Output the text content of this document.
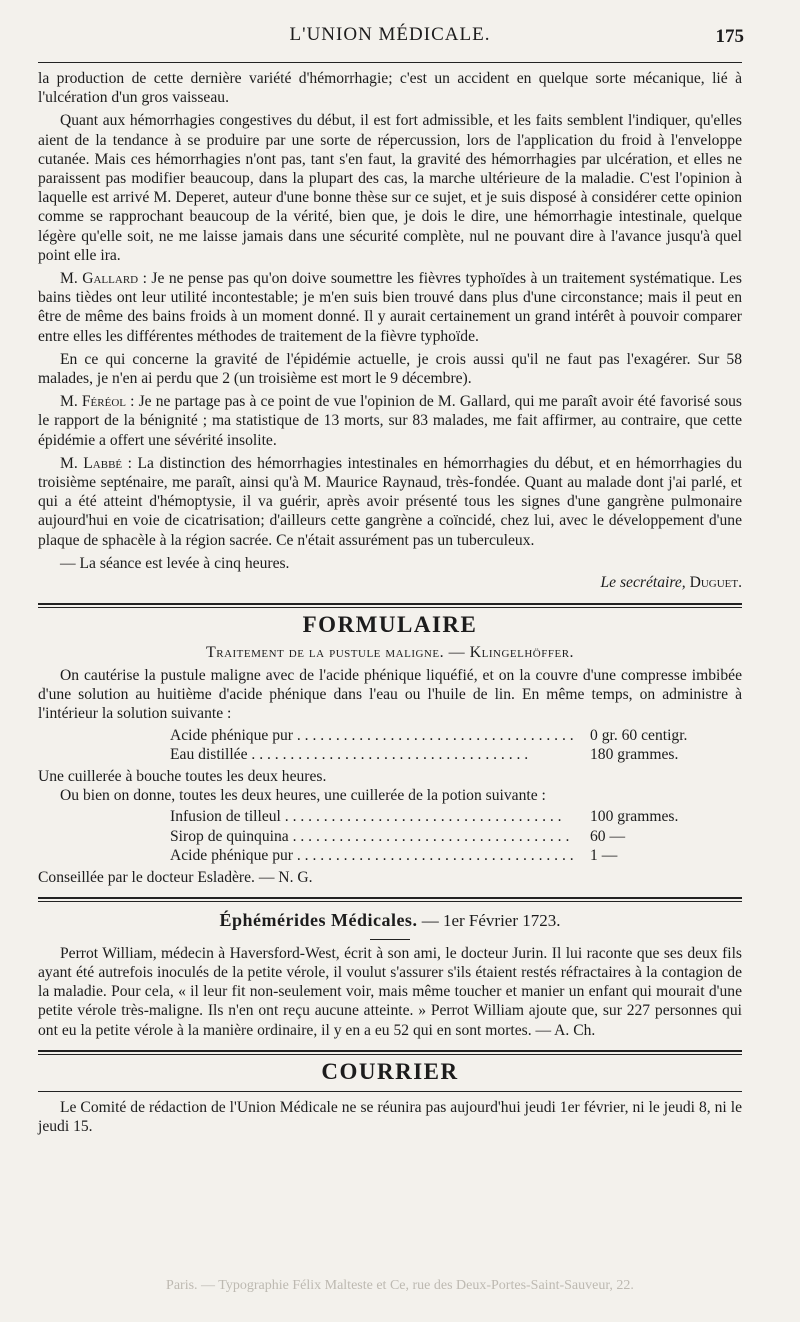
L'UNION MÉDICALE.	175

la production de cette dernière variété d'hémorrhagie; c'est un accident en quelque sorte mécanique, lié à l'ulcération d'un gros vaisseau.

Quant aux hémorrhagies congestives du début, il est fort admissible, et les faits semblent l'indiquer, qu'elles aient de la tendance à se produire par une sorte de répercussion, lors de l'application du froid à l'enveloppe cutanée. Mais ces hémorrhagies n'ont pas, tant s'en faut, la gravité des hémorrhagies par ulcération, et elles ne paraissent pas modifier beaucoup, dans la plupart des cas, la marche ultérieure de la maladie. C'est l'opinion à laquelle est arrivé M. Deperet, auteur d'une bonne thèse sur ce sujet, et je suis disposé à considérer cette opinion comme se rapprochant beaucoup de la vérité, bien que, je dois le dire, une hémorrhagie intestinale, quelque légère qu'elle soit, ne me laisse jamais dans une sécurité complète, nul ne pouvant dire à l'avance jusqu'à quel point elle ira.

M. Gallard : Je ne pense pas qu'on doive soumettre les fièvres typhoïdes à un traitement systématique. Les bains tièdes ont leur utilité incontestable; je m'en suis bien trouvé dans plus d'une circonstance; mais il peut en être de même des bains froids à un moment donné. Il y aurait certainement un grand intérêt à pouvoir comparer entre elles les différentes méthodes de traitement de la fièvre typhoïde.

En ce qui concerne la gravité de l'épidémie actuelle, je crois aussi qu'il ne faut pas l'exagérer. Sur 58 malades, je n'en ai perdu que 2 (un troisième est mort le 9 décembre).

M. Féréol : Je ne partage pas à ce point de vue l'opinion de M. Gallard, qui me paraît avoir été favorisé sous le rapport de la bénignité ; ma statistique de 13 morts, sur 83 malades, me fait affirmer, au contraire, que cette épidémie a offert une sévérité insolite.

M. Labbé : La distinction des hémorrhagies intestinales en hémorrhagies du début, et en hémorrhagies du troisième septénaire, me paraît, ainsi qu'à M. Maurice Raynaud, très-fondée. Quant au malade dont j'ai parlé, et qui a été atteint d'hémoptysie, il va guérir, après avoir présenté tous les signes d'une gangrène pulmonaire aujourd'hui en voie de cicatrisation; d'ailleurs cette gangrène a coïncidé, chez lui, avec le développement d'une plaque de sphacèle à la région sacrée. Ce n'était assurément pas un tuberculeux.

— La séance est levée à cinq heures.

Le secrétaire, Duguet.
FORMULAIRE
Traitement de la pustule maligne. — Klingelhöffer.

On cautérise la pustule maligne avec de l'acide phénique liquéfié, et on la couvre d'une compresse imbibée d'une solution au huitième d'acide phénique dans l'eau ou l'huile de lin. En même temps, on administre à l'intérieur la solution suivante :

Acide phénique pur . . .	0 gr. 60 centigr.
Eau distillée . . .	180 grammes.

Une cuillerée à bouche toutes les deux heures.

Ou bien on donne, toutes les deux heures, une cuillerée de la potion suivante :

Infusion de tilleul . . .	100 grammes.
Sirop de quinquina . . .	60 —
Acide phénique pur . . .	1 —

Conseillée par le docteur Esladère. — N. G.

Éphémérides Médicales. — 1er Février 1723.

Perrot William, médecin à Haversford-West, écrit à son ami, le docteur Jurin. Il lui raconte que ses deux fils ayant été autrefois inoculés de la petite vérole, il voulut s'assurer s'ils étaient restés réfractaires à la contagion de la maladie. Pour cela, « il leur fit non-seulement voir, mais même toucher et manier un enfant qui mourait d'une petite vérole très-maligne. Ils n'en ont reçu aucune atteinte. » Perrot William ajoute que, sur 227 personnes qui ont eu la petite vérole à la manière ordinaire, il y en a eu 52 qui en sont mortes. — A. Ch.

COURRIER

Le Comité de rédaction de l'Union Médicale ne se réunira pas aujourd'hui jeudi 1er février, ni le jeudi 8, ni le jeudi 15.

Paris. — Typographie Félix Malteste et Ce, rue des Deux-Portes-Saint-Sauveur, 22.
